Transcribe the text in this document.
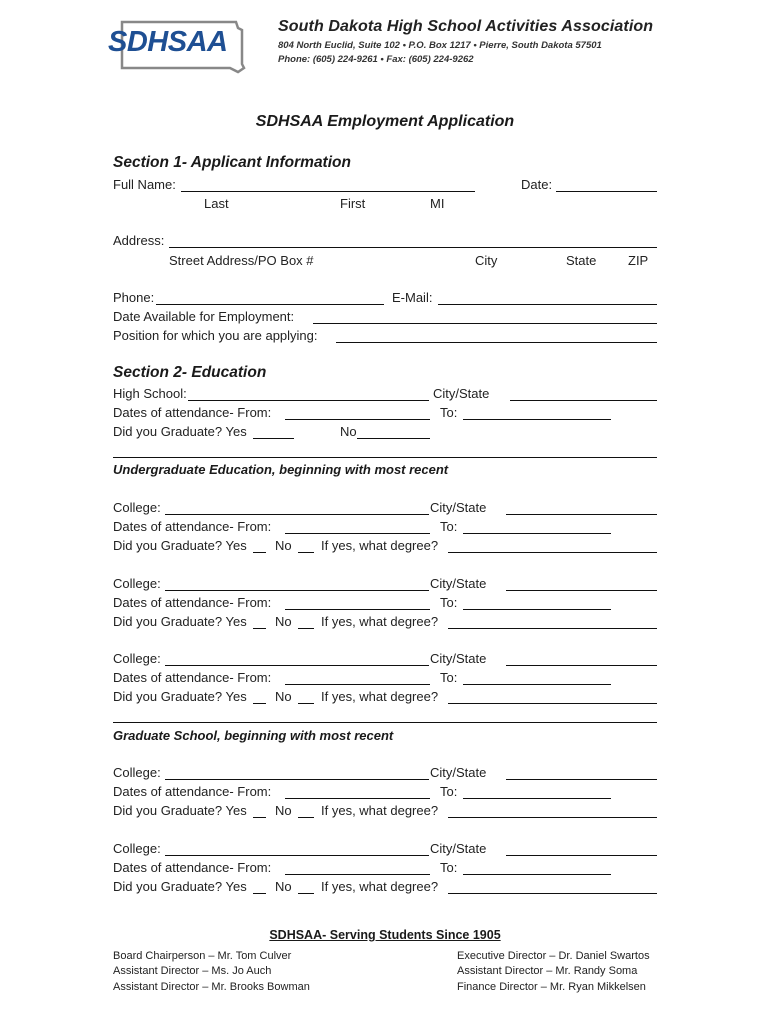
SDHSAA	South Dakota High School Activities Association
804 North Euclid, Suite 102 • P.O. Box 1217 • Pierre, South Dakota 57501
Phone: (605) 224-9261 • Fax: (605) 224-9262
SDHSAA Employment Application
Section 1- Applicant Information
Full Name:	Date:
Last	First	MI
Address:
Street Address/PO Box #	City	State ZIP
Phone:	E-Mail:
Date Available for Employment:
Position for which you are applying:
Section 2- Education
High School:	City/State
Dates of attendance- From:	To:
Did you Graduate? Yes	No
Undergraduate Education, beginning with most recent
College:	City/State
Dates of attendance- From:	To:
Did you Graduate? Yes No If yes, what degree?
College:	City/State
Dates of attendance- From:	To:
Did you Graduate? Yes No If yes, what degree?
College:	City/State
Dates of attendance- From:	To:
Did you Graduate? Yes No If yes, what degree?
College:	City/State
Dates of attendance- From:	To:
Did you Graduate? Yes No If yes, what degree?
College:	City/State
Dates of attendance- From:	To:
Did you Graduate? Yes No If yes, what degree?
Graduate School, beginning with most recent
SDHSAA- Serving Students Since 1905
Board Chairperson – Mr. Tom Culver
Assistant Director – Ms. Jo Auch
Assistant Director – Mr. Brooks Bowman
Executive Director – Dr. Daniel Swartos
Assistant Director – Mr. Randy Soma
Finance Director – Mr. Ryan Mikkelsen
